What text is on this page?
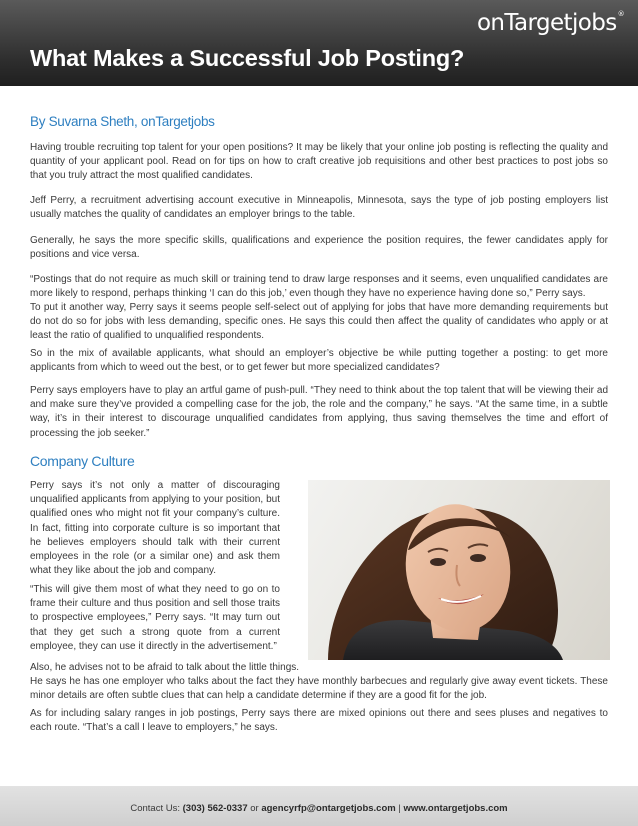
onTargetjobs®
What Makes a Successful Job Posting?
By Suvarna Sheth, onTargetjobs

Having trouble recruiting top talent for your open positions? It may be likely that your online job posting is reflecting the quality and quantity of your applicant pool. Read on for tips on how to craft creative job requisitions and other best practices to post jobs so that you truly attract the most qualified candidates.

Jeff Perry, a recruitment advertising account executive in Minneapolis, Minnesota, says the type of job posting employers list usually matches the quality of candidates an employer brings to the table.

Generally, he says the more specific skills, qualifications and experience the position requires, the fewer candidates apply for positions and vice versa.

“Postings that do not require as much skill or training tend to draw large responses and it seems, even unqualified candidates are more likely to respond, perhaps thinking ‘I can do this job,’ even though they have no experience having done so,” Perry says.

To put it another way, Perry says it seems people self-select out of applying for jobs that have more demanding requirements but do not do so for jobs with less demanding, specific ones. He says this could then affect the quality of candidates who apply or at least the ratio of qualified to unqualified respondents.

So in the mix of available applicants, what should an employer’s objective be while putting together a posting: to get more applicants from which to weed out the best, or to get fewer but more specialized candidates?

Perry says employers have to play an artful game of push-pull. “They need to think about the top talent that will be viewing their ad and make sure they’ve provided a compelling case for the job, the role and the company,” he says. “At the same time, in a subtle way, it’s in their interest to discourage unqualified candidates from applying, thus saving themselves the time and effort of processing the job seeker.”

Company Culture

Perry says it’s not only a matter of discouraging unqualified applicants from applying to your position, but qualified ones who might not fit your company’s culture. In fact, fitting into corporate culture is so important that he believes employers should talk with their current employees in the role (or a similar one) and ask them what they like about the job and company.

“This will give them most of what they need to go on to frame their culture and thus position and sell those traits to prospective employees,” Perry says. “It may turn out that they get such a strong quote from a current employee, they can use it directly in the advertisement.”

Also, he advises not to be afraid to talk about the little things.

He says he has one employer who talks about the fact they have monthly barbecues and regularly give away event tickets. These minor details are often subtle clues that can help a candidate determine if they are a good fit for the job.

As for including salary ranges in job postings, Perry says there are mixed opinions out there and sees pluses and negatives to each route. “That’s a call I leave to employers,” he says.

Contact Us: (303) 562-0337 or agencyrfp@ontargetjobs.com | www.ontargetjobs.com
